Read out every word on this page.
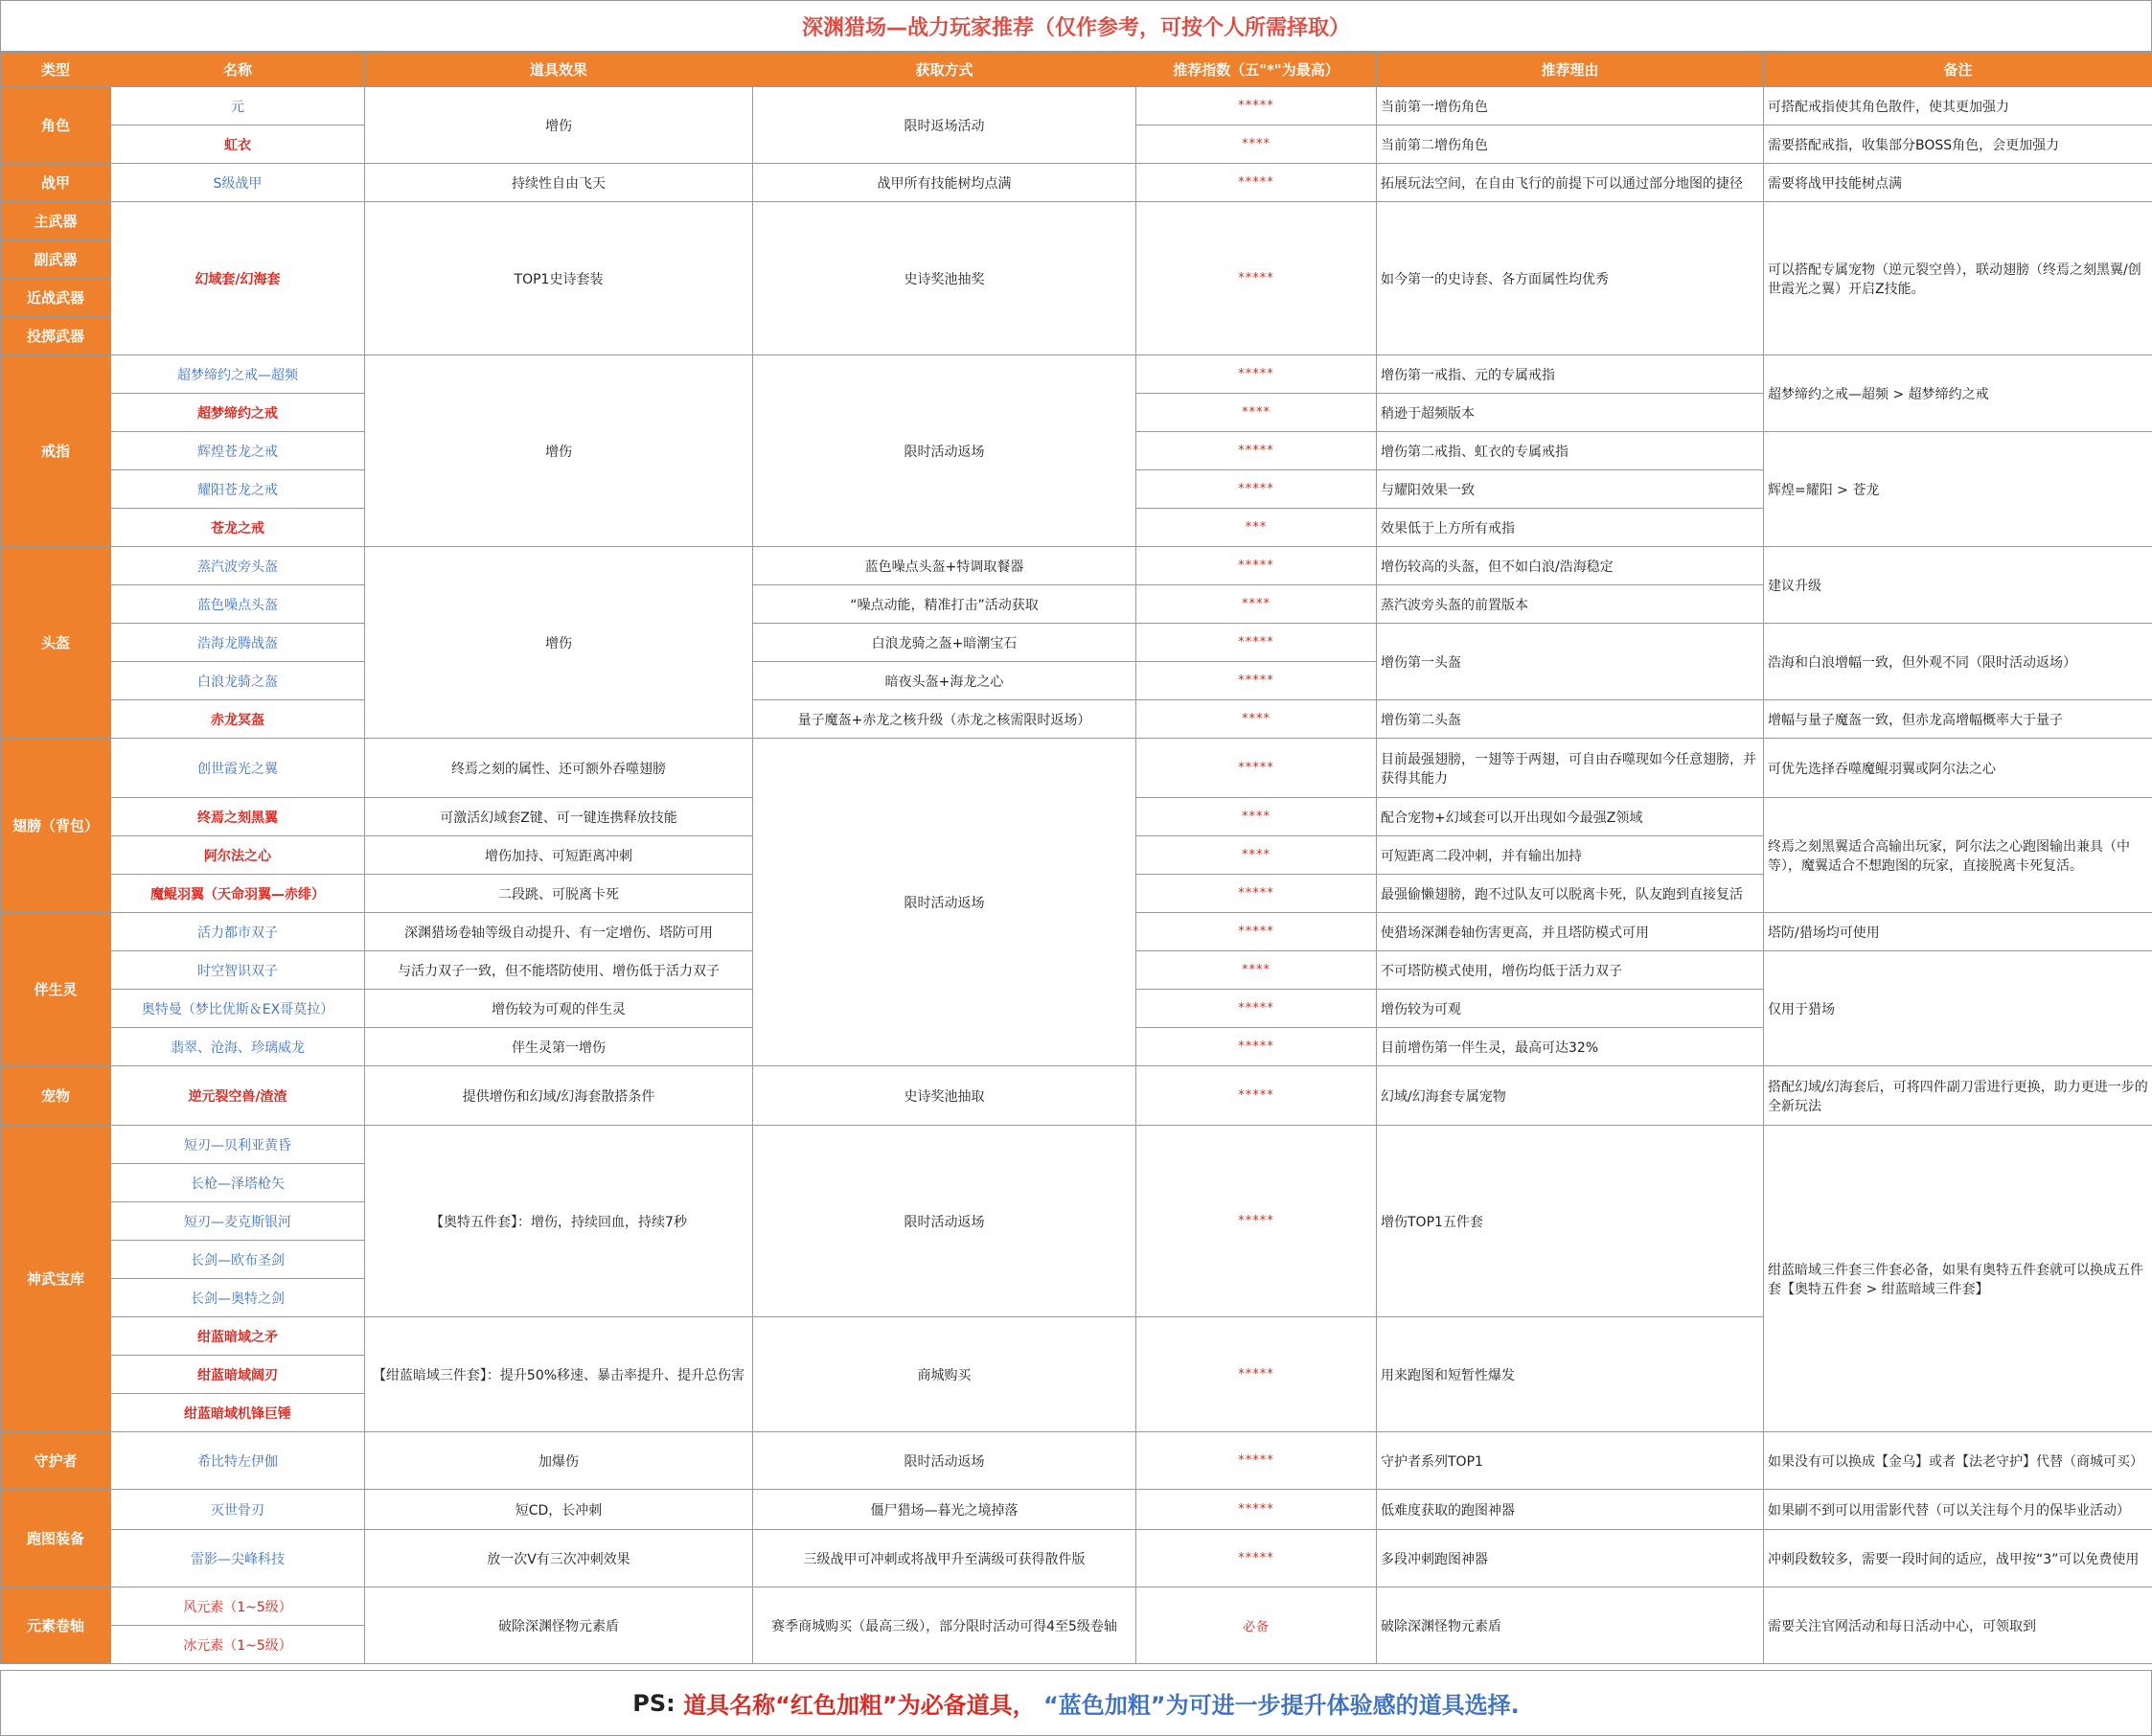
深渊猎场—战力玩家推荐（仅作参考，可按个人所需择取）
类型	名称	道具效果	获取方式	推荐指数（五"*"为最高）	推荐理由	备注
角色	元	增伤	限时返场活动	*****	当前第一增伤角色	可搭配戒指使其角色散件，使其更加强力
	虹衣			****	当前第二增伤角色	需要搭配戒指，收集部分BOSS角色，会更加强力
战甲	S级战甲	持续性自由飞天	战甲所有技能树均点满	*****	拓展玩法空间，在自由飞行的前提下可以通过部分地图的捷径	需要将战甲技能树点满
主武器	幻域套/幻海套	TOP1史诗套装	史诗奖池抽奖	*****	如今第一的史诗套、各方面属性均优秀	可以搭配专属宠物（逆元裂空兽），联动翅膀（终焉之刻黑翼/创世霞光之翼）开启Z技能。
副武器						
近战武器						
投掷武器						
戒指	超梦缔约之戒—超频	增伤	限时活动返场	*****	增伤第一戒指、元的专属戒指	超梦缔约之戒—超频 > 超梦缔约之戒
	超梦缔约之戒			****	稍逊于超频版本	
	辉煌苍龙之戒			*****	增伤第二戒指、虹衣的专属戒指	辉煌=耀阳 > 苍龙
	耀阳苍龙之戒			*****	与耀阳效果一致	
	苍龙之戒			***	效果低于上方所有戒指	
头盔	蒸汽波旁头盔	增伤	蓝色噪点头盔+特调取餐器	*****	增伤较高的头盔，但不如白浪/浩海稳定	建议升级
	蓝色噪点头盔		“噪点动能，精准打击”活动获取	****	蒸汽波旁头盔的前置版本	
	浩海龙腾战盔		白浪龙骑之盔+暗潮宝石	*****	增伤第一头盔	浩海和白浪增幅一致，但外观不同（限时活动返场）
	白浪龙骑之盔		暗夜头盔+海龙之心	*****		
	赤龙冥盔		量子魔盔+赤龙之核升级（赤龙之核需限时返场）	****	增伤第二头盔	增幅与量子魔盔一致，但赤龙高增幅概率大于量子
翅膀（背包）	创世霞光之翼	终焉之刻的属性、还可额外吞噬翅膀	限时活动返场	*****	目前最强翅膀，一翅等于两翅，可自由吞噬现如今任意翅膀，并获得其能力	可优先选择吞噬魔鲲羽翼或阿尔法之心
	终焉之刻黑翼	可激活幻域套Z键、可一键连携释放技能		****	配合宠物+幻域套可以开出现如今最强Z领域	终焉之刻黑翼适合高输出玩家，阿尔法之心跑图输出兼具（中等），魔翼适合不想跑图的玩家，直接脱离卡死复活。
	阿尔法之心	增伤加持、可短距离冲刺		****	可短距离二段冲刺，并有输出加持	
	魔鲲羽翼（天命羽翼—赤绯）	二段跳、可脱离卡死		*****	最强偷懒翅膀，跑不过队友可以脱离卡死，队友跑到直接复活	
伴生灵	活力都市双子	深渊猎场卷轴等级自动提升、有一定增伤、塔防可用		*****	使猎场深渊卷轴伤害更高，并且塔防模式可用	塔防/猎场均可使用
	时空智识双子	与活力双子一致，但不能塔防使用、增伤低于活力双子		****	不可塔防模式使用，增伤均低于活力双子	仅用于猎场
	奥特曼（梦比优斯＆EX哥莫拉）	增伤较为可观的伴生灵		*****	增伤较为可观	
	翡翠、沧海、珍璃威龙	伴生灵第一增伤		*****	目前增伤第一伴生灵，最高可达32%	
宠物	逆元裂空兽/渣渣	提供增伤和幻域/幻海套散搭条件	史诗奖池抽取	*****	幻域/幻海套专属宠物	搭配幻域/幻海套后，可将四件副刀雷进行更换，助力更进一步的全新玩法
神武宝库	短刃—贝利亚黄昏	【奥特五件套】：增伤，持续回血，持续7秒	限时活动返场	*****	增伤TOP1五件套	绀蓝暗域三件套三件套必备，如果有奥特五件套就可以换成五件套【奥特五件套 > 绀蓝暗域三件套】
	长枪—泽塔枪矢					
	短刃—麦克斯银河					
	长剑—欧布圣剑					
	长剑—奥特之剑					
	绀蓝暗域之矛	【绀蓝暗域三件套】：提升50%移速、暴击率提升、提升总伤害	商城购买	*****	用来跑图和短暂性爆发	
	绀蓝暗域阔刃					
	绀蓝暗域机锋巨锤					
守护者	希比特左伊伽	加爆伤	限时活动返场	*****	守护者系列TOP1	如果没有可以换成【金乌】或者【法老守护】代替（商城可买）
跑图装备	灭世骨刃	短CD，长冲刺	僵尸猎场—暮光之境掉落	*****	低难度获取的跑图神器	如果刷不到可以用雷影代替（可以关注每个月的保毕业活动）
	雷影—尖峰科技	放一次V有三次冲刺效果	三级战甲可冲刺或将战甲升至满级可获得散件版	*****	多段冲刺跑图神器	冲刺段数较多，需要一段时间的适应，战甲按“3”可以免费使用
元素卷轴	风元素（1~5级）	破除深渊怪物元素盾	赛季商城购买（最高三级），部分限时活动可得4至5级卷轴	必备	破除深渊怪物元素盾	需要关注官网活动和每日活动中心，可领取到
	冰元素（1~5级）					
PS:
道具名称“红色加粗”为必备道具，
“蓝色加粗”为可进一步提升体验感的道具选择.
